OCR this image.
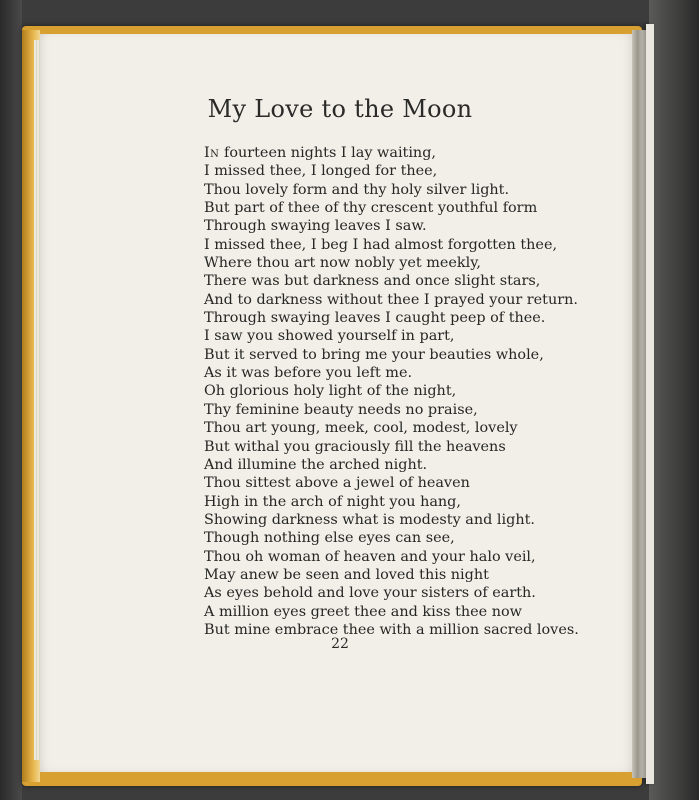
My Love to the Moon
In fourteen nights I lay waiting,
I missed thee, I longed for thee,
Thou lovely form and thy holy silver light.
But part of thee of thy crescent youthful form
Through swaying leaves I saw.
I missed thee, I beg I had almost forgotten thee,
Where thou art now nobly yet meekly,
There was but darkness and once slight stars,
And to darkness without thee I prayed your return.
Through swaying leaves I caught peep of thee.
I saw you showed yourself in part,
But it served to bring me your beauties whole,
As it was before you left me.
Oh glorious holy light of the night,
Thy feminine beauty needs no praise,
Thou art young, meek, cool, modest, lovely
But withal you graciously fill the heavens
And illumine the arched night.
Thou sittest above a jewel of heaven
High in the arch of night you hang,
Showing darkness what is modesty and light.
Though nothing else eyes can see,
Thou oh woman of heaven and your halo veil,
May anew be seen and loved this night
As eyes behold and love your sisters of earth.
A million eyes greet thee and kiss thee now
But mine embrace thee with a million sacred loves.
22
